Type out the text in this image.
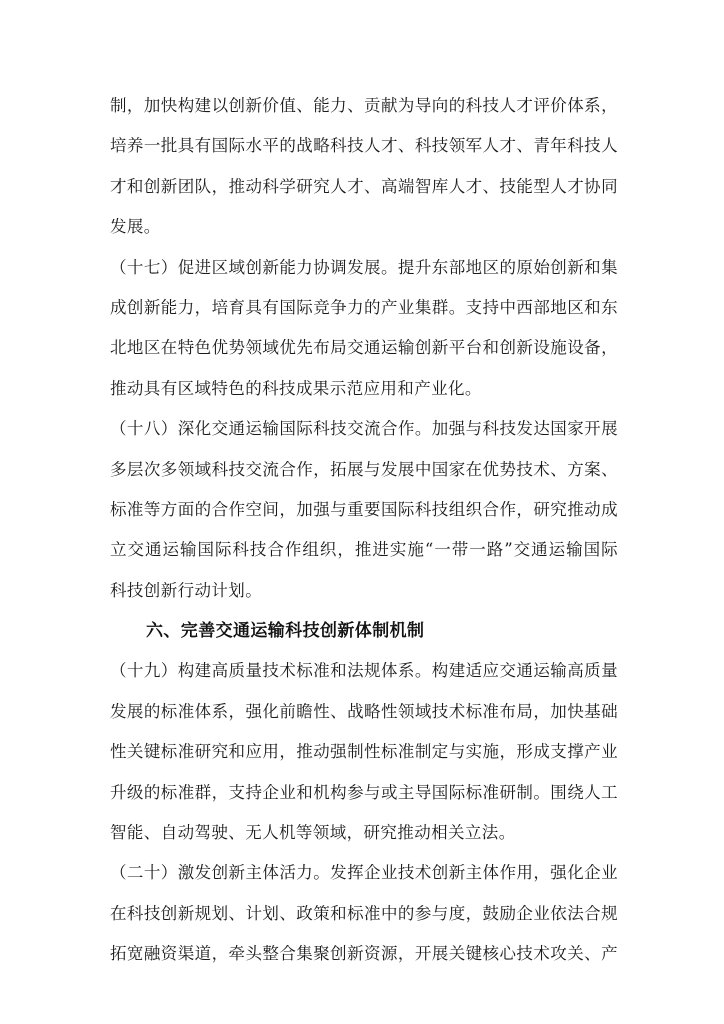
制，加快构建以创新价值、能力、贡献为导向的科技人才评价体系，
培养一批具有国际水平的战略科技人才、科技领军人才、青年科技人
才和创新团队，推动科学研究人才、高端智库人才、技能型人才协同
发展。
（十七）促进区域创新能力协调发展。提升东部地区的原始创新和集
成创新能力，培育具有国际竞争力的产业集群。支持中西部地区和东
北地区在特色优势领域优先布局交通运输创新平台和创新设施设备，
推动具有区域特色的科技成果示范应用和产业化。
（十八）深化交通运输国际科技交流合作。加强与科技发达国家开展
多层次多领域科技交流合作，拓展与发展中国家在优势技术、方案、
标准等方面的合作空间，加强与重要国际科技组织合作，研究推动成
立交通运输国际科技合作组织，推进实施“一带一路”交通运输国际
科技创新行动计划。
六、完善交通运输科技创新体制机制
（十九）构建高质量技术标准和法规体系。构建适应交通运输高质量
发展的标准体系，强化前瞻性、战略性领域技术标准布局，加快基础
性关键标准研究和应用，推动强制性标准制定与实施，形成支撑产业
升级的标准群，支持企业和机构参与或主导国际标准研制。围绕人工
智能、自动驾驶、无人机等领域，研究推动相关立法。
（二十）激发创新主体活力。发挥企业技术创新主体作用，强化企业
在科技创新规划、计划、政策和标准中的参与度，鼓励企业依法合规
拓宽融资渠道，牵头整合集聚创新资源，开展关键核心技术攻关、产
